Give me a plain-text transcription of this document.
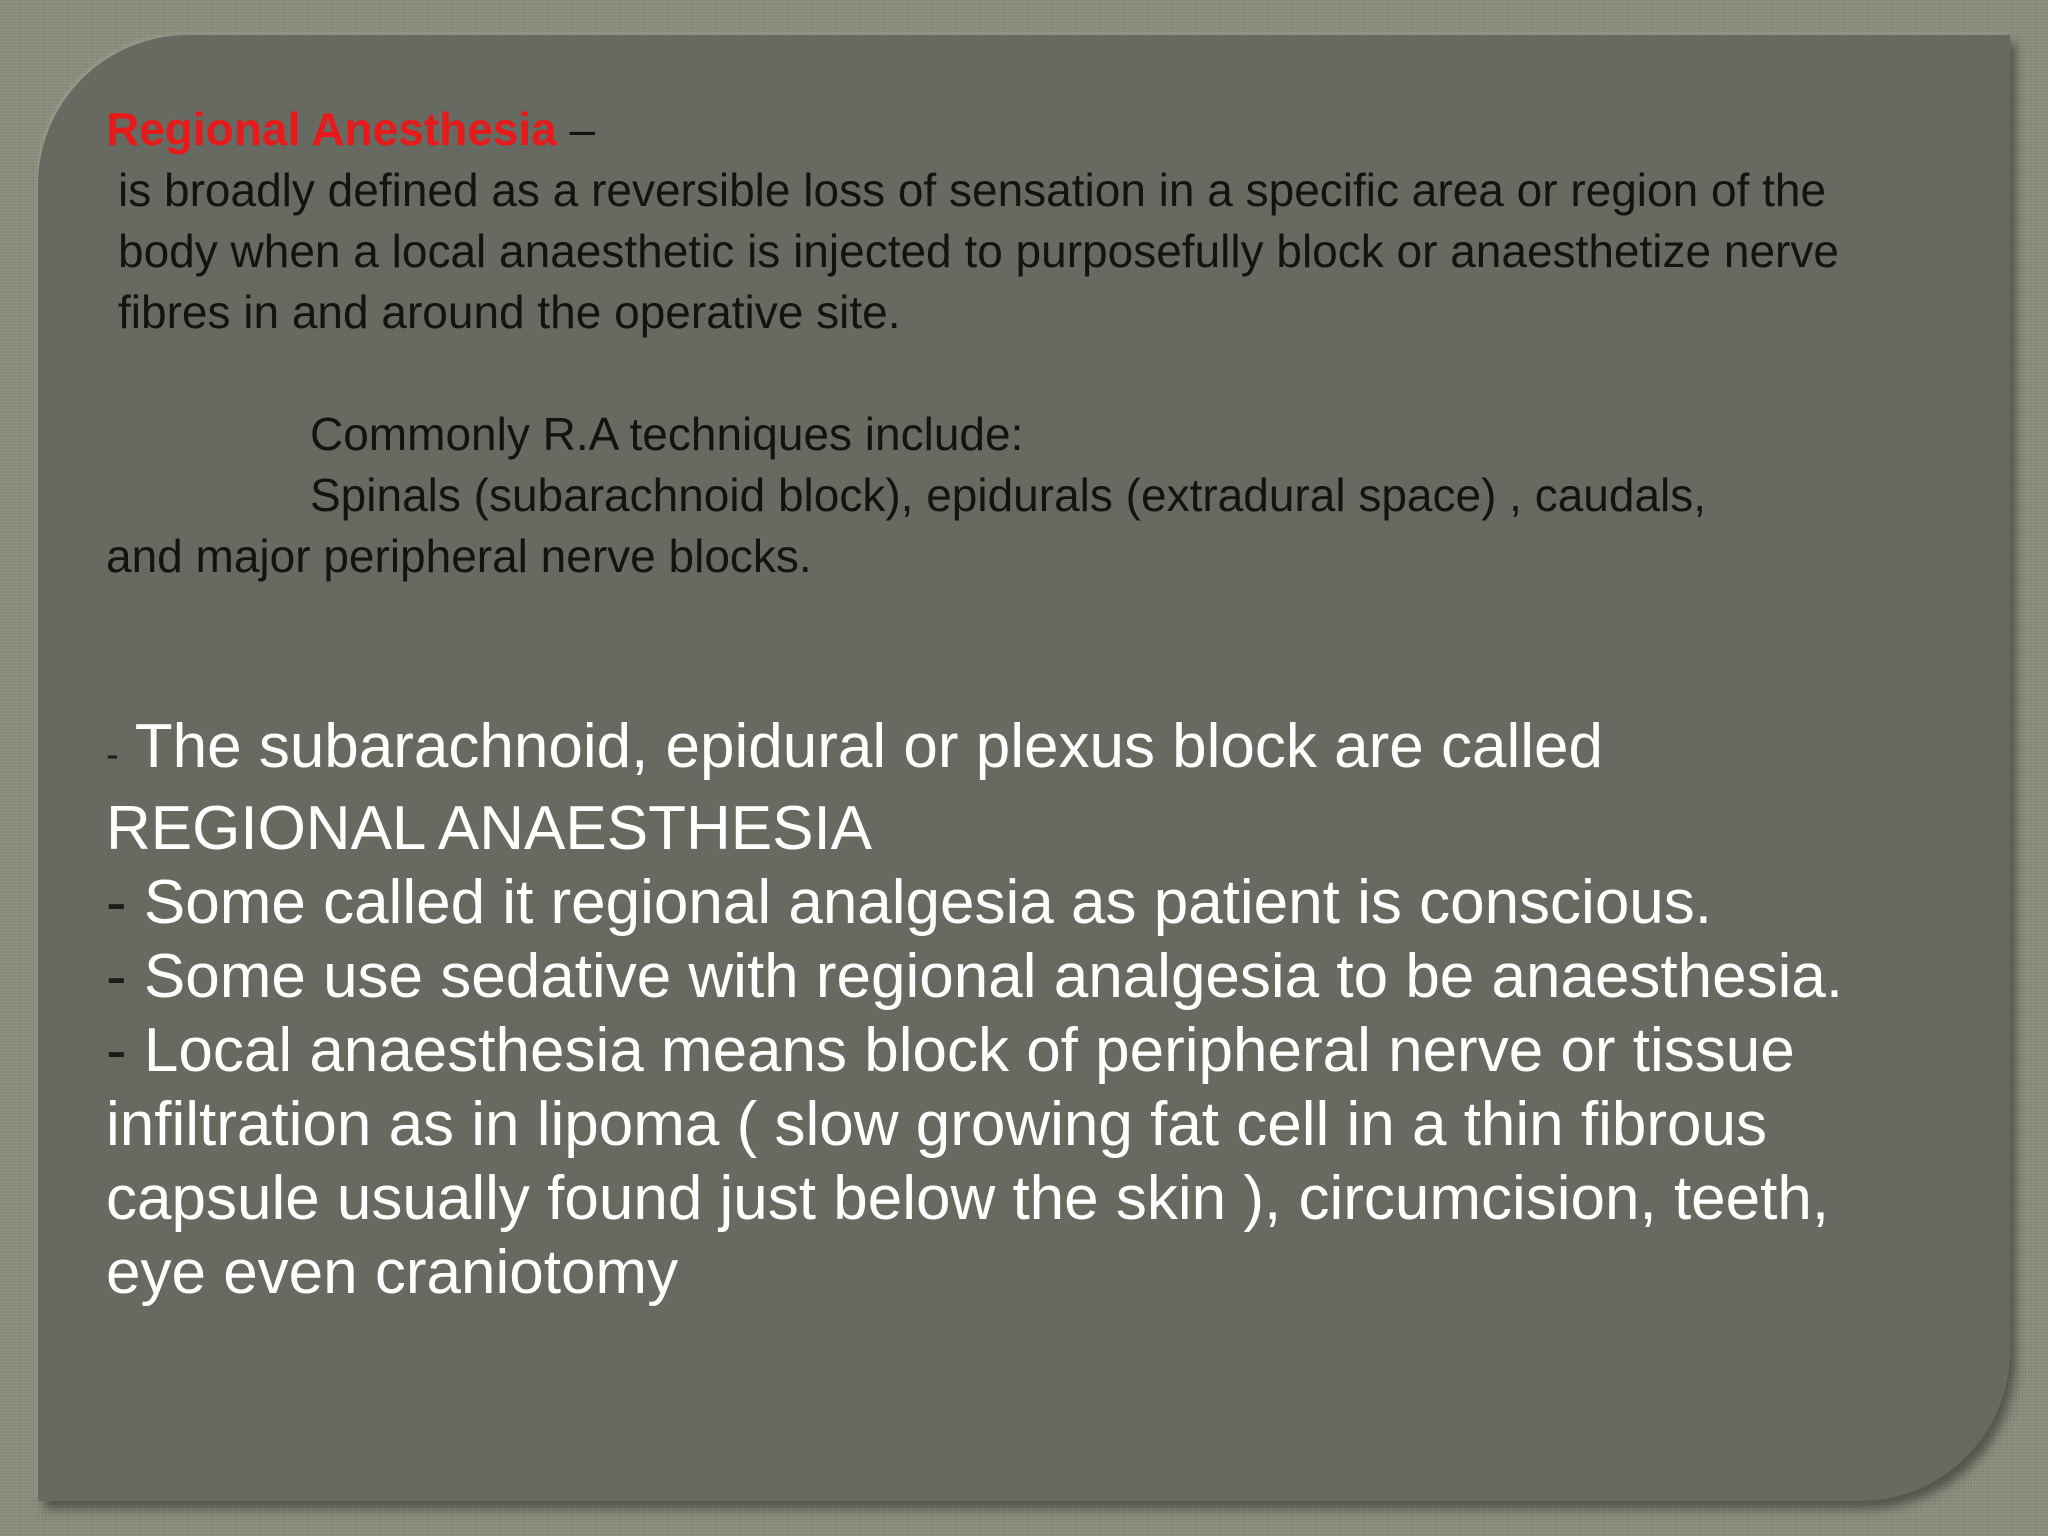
Regional Anesthesia –

is broadly defined as a reversible loss of sensation in a specific area or region of the body when a local anaesthetic is injected to purposefully block or anaesthetize nerve fibres in and around the operative site.

Commonly R.A techniques include:

Spinals (subarachnoid block), epidurals (extradural space) , caudals,

and major peripheral nerve blocks.

- The subarachnoid, epidural or plexus block are called REGIONAL ANAESTHESIA

- Some called it regional analgesia as patient is conscious.

- Some use sedative with regional analgesia to be anaesthesia.

- Local anaesthesia means block of peripheral nerve or tissue infiltration as in lipoma ( slow growing fat cell in a thin fibrous capsule usually found just below the skin ), circumcision, teeth, eye even craniotomy
